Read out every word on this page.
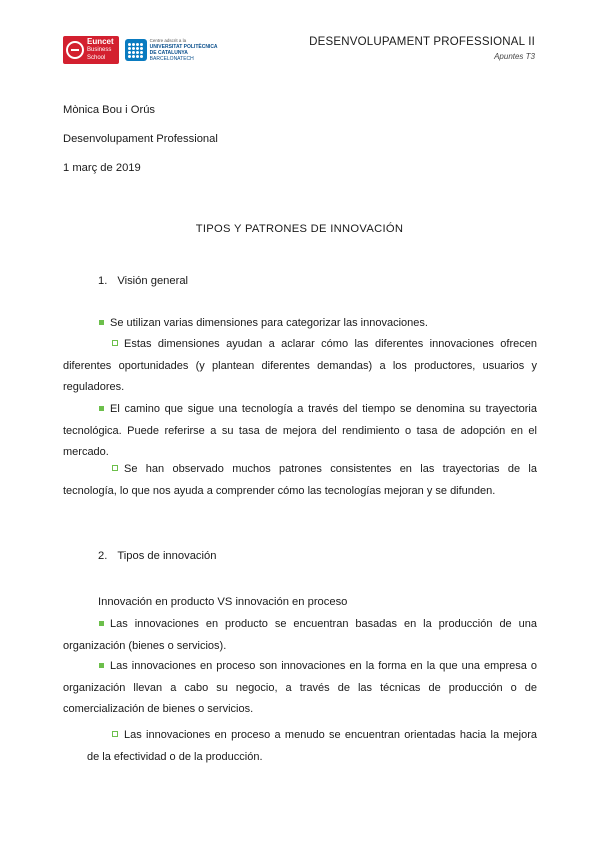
Euncet
Business
School
Centre adscrit a la
UNIVERSITAT POLITÈCNICA
DE CATALUNYA
BARCELONATECH
DESENVOLUPAMENT PROFESSIONAL II
Apuntes T3
Mònica Bou i Orús
Desenvolupament Professional
1 març de 2019
TIPOS Y PATRONES DE INNOVACIÓN
1. Visión general
Se utilizan varias dimensiones para categorizar las innovaciones.
Estas dimensiones ayudan a aclarar cómo las diferentes innovaciones ofrecen diferentes oportunidades (y plantean diferentes demandas) a los productores, usuarios y reguladores.
El camino que sigue una tecnología a través del tiempo se denomina su trayectoria tecnológica. Puede referirse a su tasa de mejora del rendimiento o tasa de adopción en el mercado.
Se han observado muchos patrones consistentes en las trayectorias de la tecnología, lo que nos ayuda a comprender cómo las tecnologías mejoran y se difunden.
2. Tipos de innovación
Innovación en producto VS innovación en proceso
Las innovaciones en producto se encuentran basadas en la producción de una organización (bienes o servicios).
Las innovaciones en proceso son innovaciones en la forma en la que una empresa o organización llevan a cabo su negocio, a través de las técnicas de producción o de comercialización de bienes o servicios.
Las innovaciones en proceso a menudo se encuentran orientadas hacia la mejora de la efectividad o de la producción.
